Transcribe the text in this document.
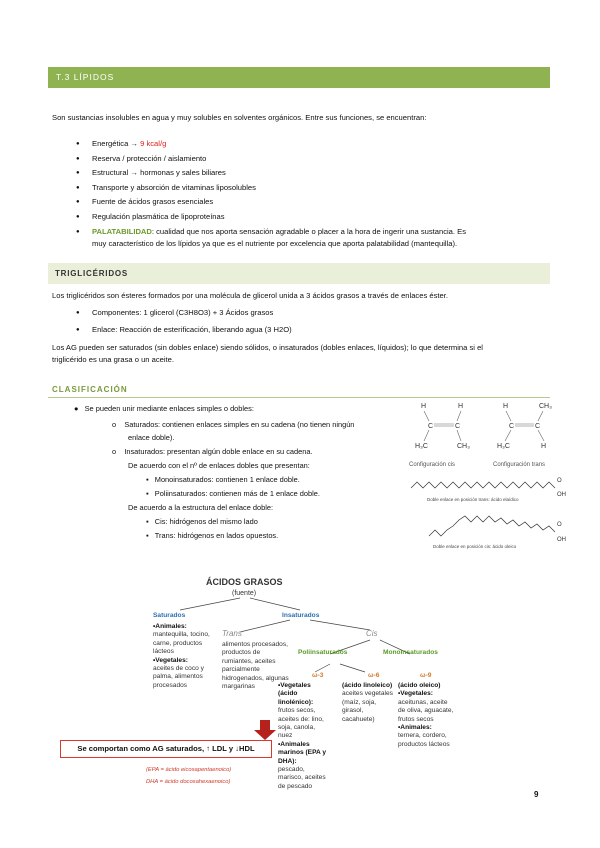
T.3 LÍPIDOS
Son sustancias insolubles en agua y muy solubles en solventes orgánicos. Entre sus funciones, se encuentran:
● Energética → 9 kcal/g
● Reserva / protección / aislamiento
● Estructural → hormonas y sales biliares
● Transporte y absorción de vitaminas liposolubles
● Fuente de ácidos grasos esenciales
● Regulación plasmática de lipoproteínas
● PALATABILIDAD: cualidad que nos aporta sensación agradable o placer a la hora de ingerir una sustancia. Es
muy característico de los lípidos ya que es el nutriente por excelencia que aporta palatabilidad (mantequilla).
TRIGLICÉRIDOS
Los triglicéridos son ésteres formados por una molécula de glicerol unida a 3 ácidos grasos a través de enlaces éster.
● Componentes: 1 glicerol (C3H8O3) + 3 Ácidos grasos
● Enlace: Reacción de esterificación, liberando agua (3 H2O)
Los AG pueden ser saturados (sin dobles enlace) siendo sólidos, o insaturados (dobles enlaces, líquidos); lo que determina si el
triglicérido es una grasa o un aceite.
CLASIFICACIÓN
●   Se pueden unir mediante enlaces simples o dobles:
o    Saturados: contienen enlaces simples en su cadena (no tienen ningún
enlace doble).
o    Insaturados: presentan algún doble enlace en su cadena.
De acuerdo con el nº de enlaces dobles que presentan:
▪   Monoinsaturados: contienen 1 enlace doble.
▪   Poliinsaturados: contienen más de 1 enlace doble.
De acuerdo a la estructura del enlace doble:
▪   Cis: hidrógenos del mismo lado
▪   Trans: hidrógenos en lados opuestos.
H	H
C	C
H₃C	CH₃
H	CH₃
C	C
H₃C	H
Configuración cis	Configuración trans
O
OH
Doble enlace en posición trans: ácido elaídico
O
OH
Doble enlace en posición cis: ácido oleico
ÁCIDOS GRASOS
(fuente)
Saturados
•Animales:
mantequilla, tocino, carne, productos lácteos
•Vegetales:
aceites de coco y palma, alimentos procesados
Insaturados
Trans
alimentos procesados, productos de rumiantes, aceites parcialmente hidrogenados, algunas margarinas
Cis
Poliinsaturados	Monoinsaturados
ω-3	ω-6	ω-9
•Vegetales (ácido linolénico):
frutos secos, aceites de: lino, soja, canola, nuez
•Animales marinos (EPA y DHA):
pescado, marisco, aceites de pescado
(ácido linoleico)
aceites vegetales (maíz, soja, girasol, cacahuete)
(ácido oleico)
•Vegetales:
aceitunas, aceite de oliva, aguacate, frutos secos
•Animales:
ternera, cordero, productos lácteos
Se comportan como AG saturados, ↑ LDL y ↓HDL
(EPA = ácido eicosapentaenoico)
DHA = ácido docosahexaenoico)
9
